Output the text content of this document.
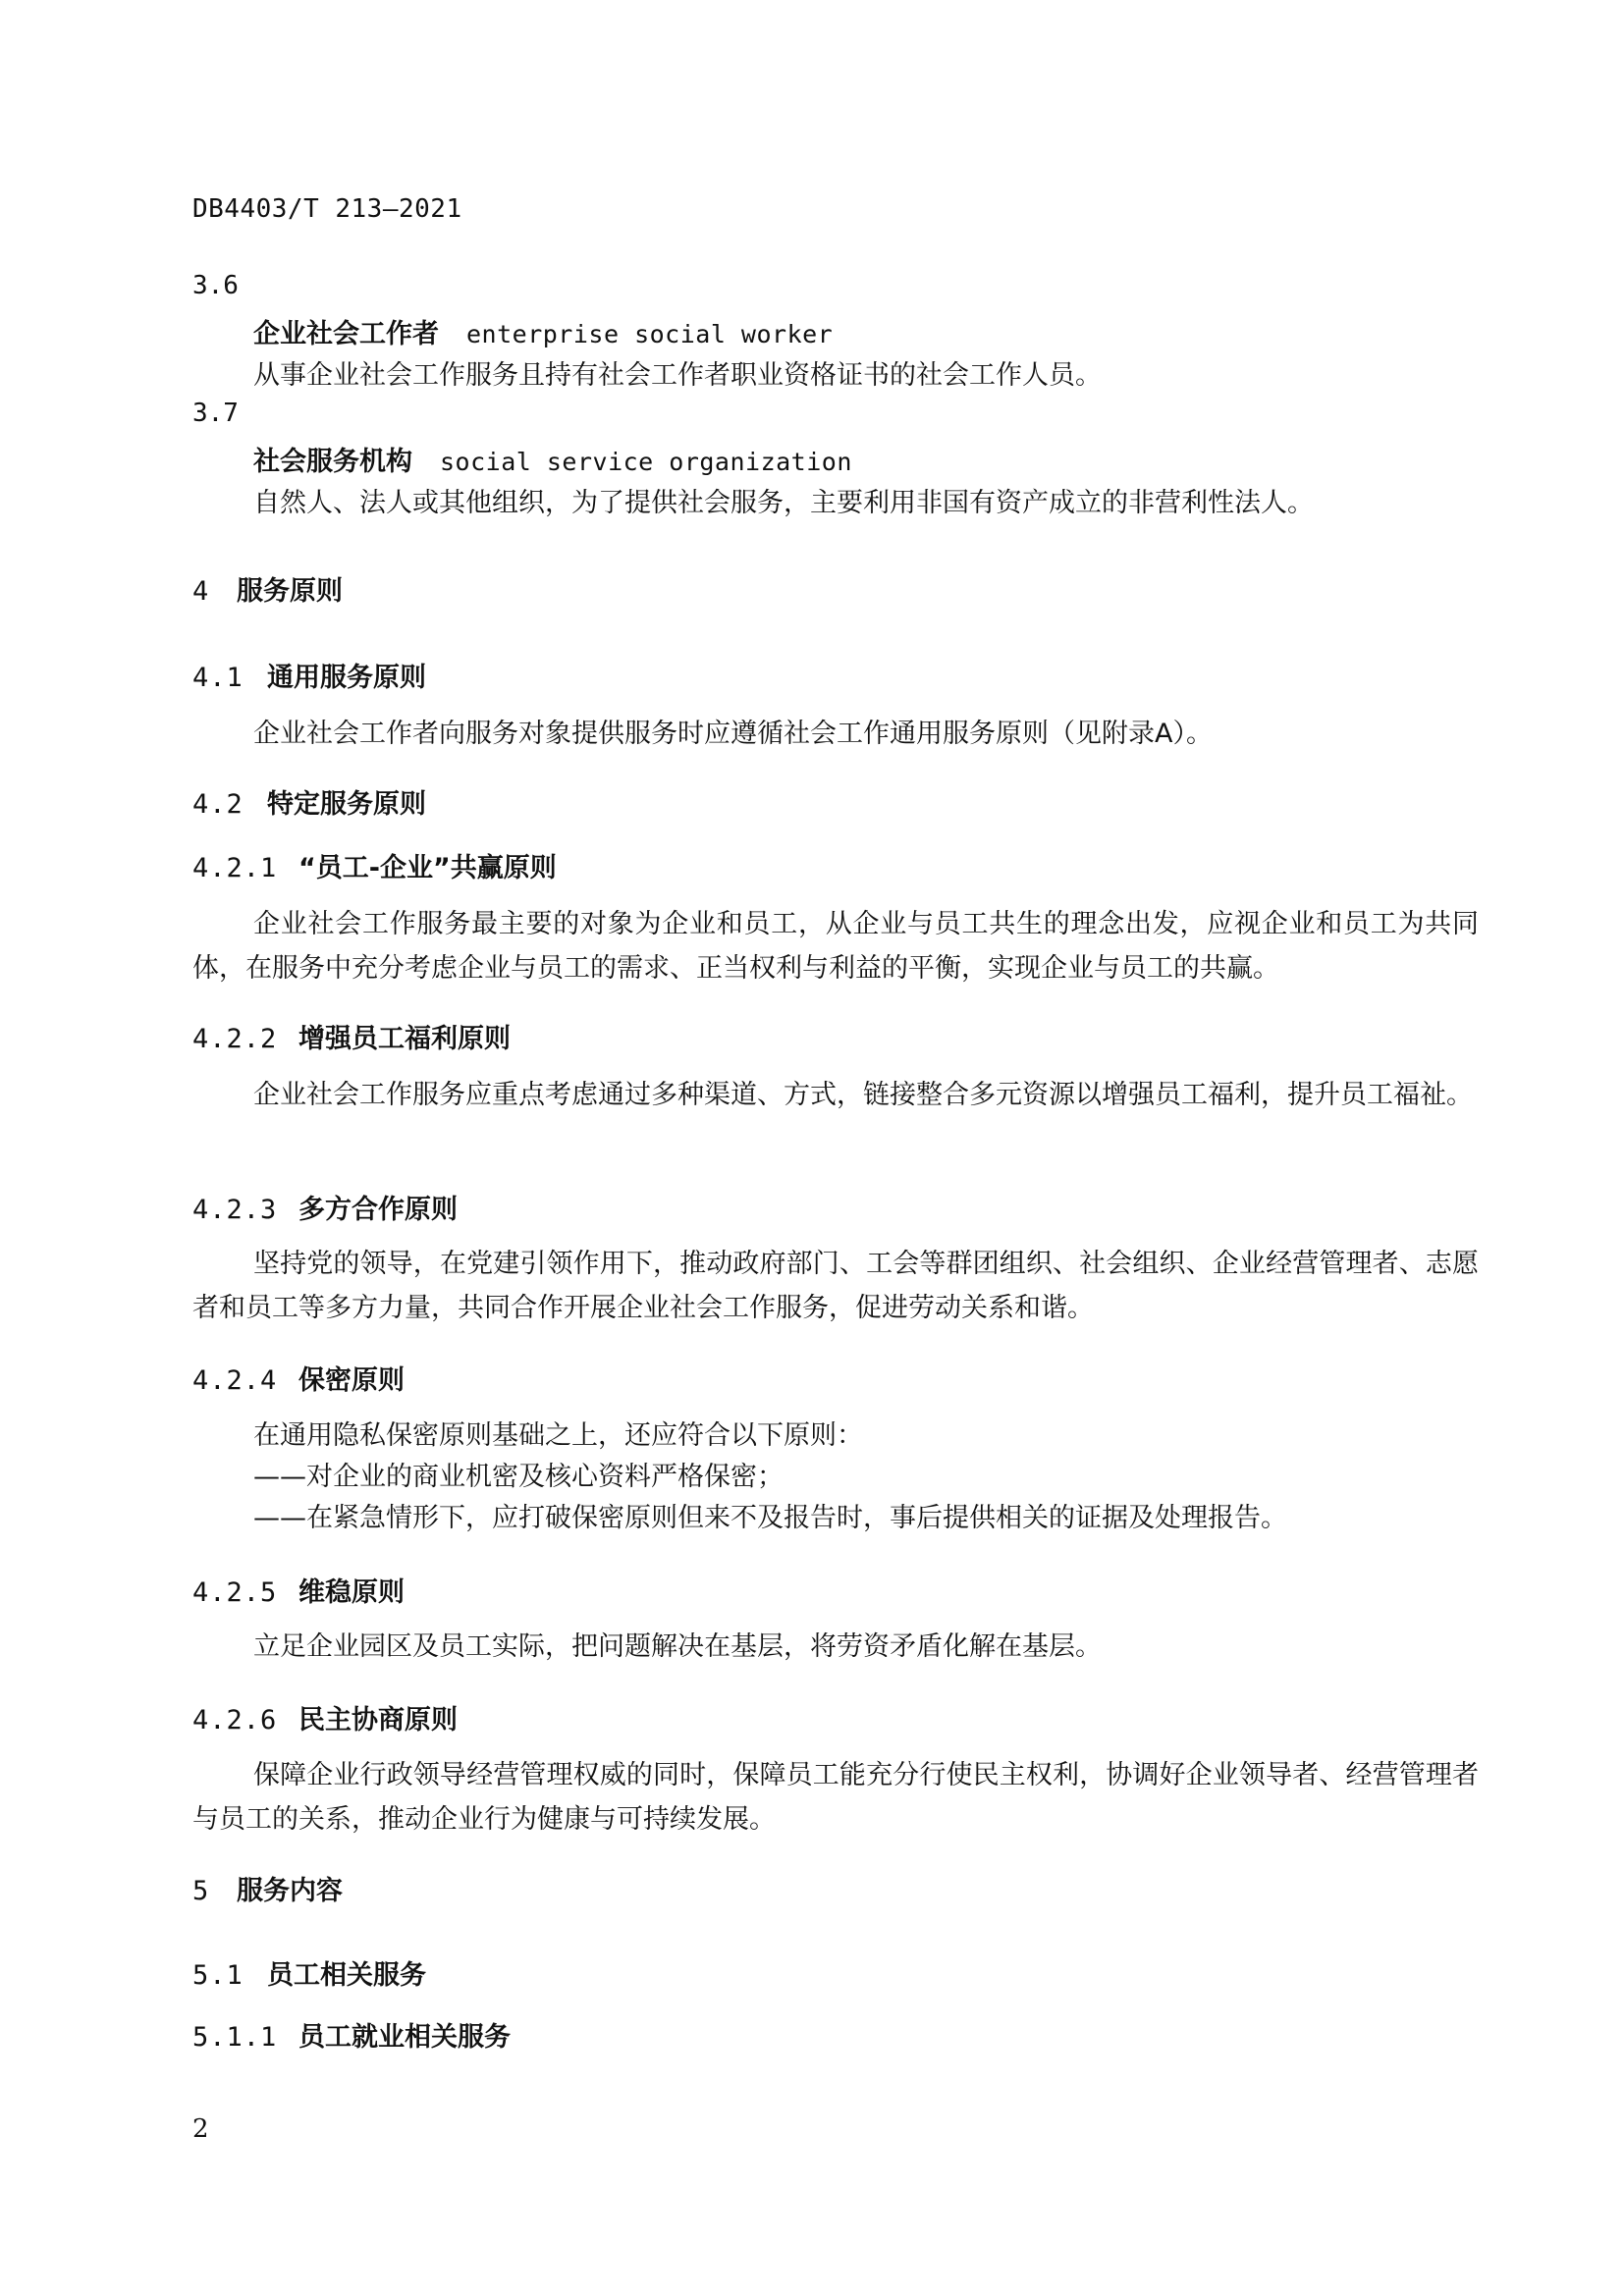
DB4403/T 213—2021
3.6
企业社会工作者 enterprise social worker
从事企业社会工作服务且持有社会工作者职业资格证书的社会工作人员。
3.7
社会服务机构 social service organization
自然人、法人或其他组织，为了提供社会服务，主要利用非国有资产成立的非营利性法人。
4 服务原则
4.1 通用服务原则
企业社会工作者向服务对象提供服务时应遵循社会工作通用服务原则（见附录A）。
4.2 特定服务原则
4.2.1 “员工-企业”共赢原则
企业社会工作服务最主要的对象为企业和员工，从企业与员工共生的理念出发，应视企业和员工为共同体，在服务中充分考虑企业与员工的需求、正当权利与利益的平衡，实现企业与员工的共赢。
4.2.2 增强员工福利原则
企业社会工作服务应重点考虑通过多种渠道、方式，链接整合多元资源以增强员工福利，提升员工福祉。
4.2.3 多方合作原则
坚持党的领导，在党建引领作用下，推动政府部门、工会等群团组织、社会组织、企业经营管理者、志愿者和员工等多方力量，共同合作开展企业社会工作服务，促进劳动关系和谐。
4.2.4 保密原则
在通用隐私保密原则基础之上，还应符合以下原则：
——对企业的商业机密及核心资料严格保密；
——在紧急情形下，应打破保密原则但来不及报告时，事后提供相关的证据及处理报告。
4.2.5 维稳原则
立足企业园区及员工实际，把问题解决在基层，将劳资矛盾化解在基层。
4.2.6 民主协商原则
保障企业行政领导经营管理权威的同时，保障员工能充分行使民主权利，协调好企业领导者、经营管理者与员工的关系，推动企业行为健康与可持续发展。
5 服务内容
5.1 员工相关服务
5.1.1 员工就业相关服务
2
